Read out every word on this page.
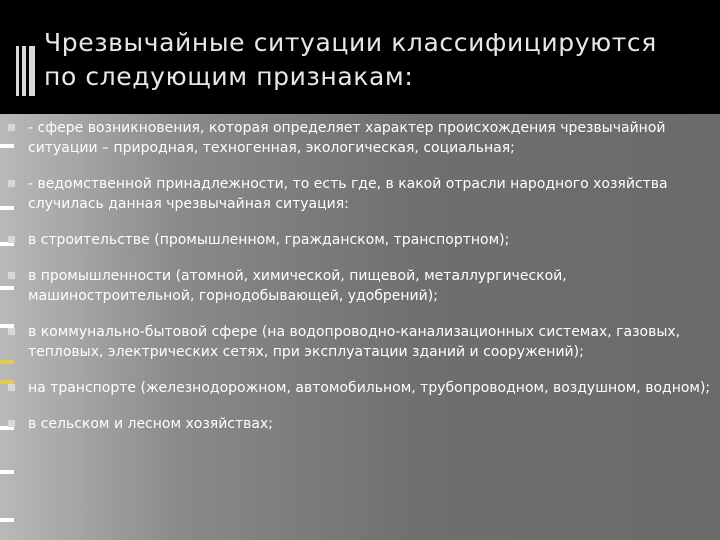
Чрезвычайные ситуации классифицируются
по следующим признакам:
- сфере возникновения, которая определяет характер происхождения чрезвычайной ситуации – природная, техногенная, экологическая, социальная;
- ведомственной принадлежности, то есть где, в какой отрасли народного хозяйства случилась данная чрезвычайная ситуация:
в строительстве (промышленном, гражданском, транспортном);
в промышленности (атомной, химической, пищевой, металлургической, машиностроительной, горнодобывающей, удобрений);
в коммунально-бытовой сфере (на водопроводно-канализационных системах, газовых, тепловых, электрических сетях, при эксплуатации зданий и сооружений);
на транспорте (железнодорожном, автомобильном, трубопроводном, воздушном, водном);
в сельском и лесном хозяйствах;
